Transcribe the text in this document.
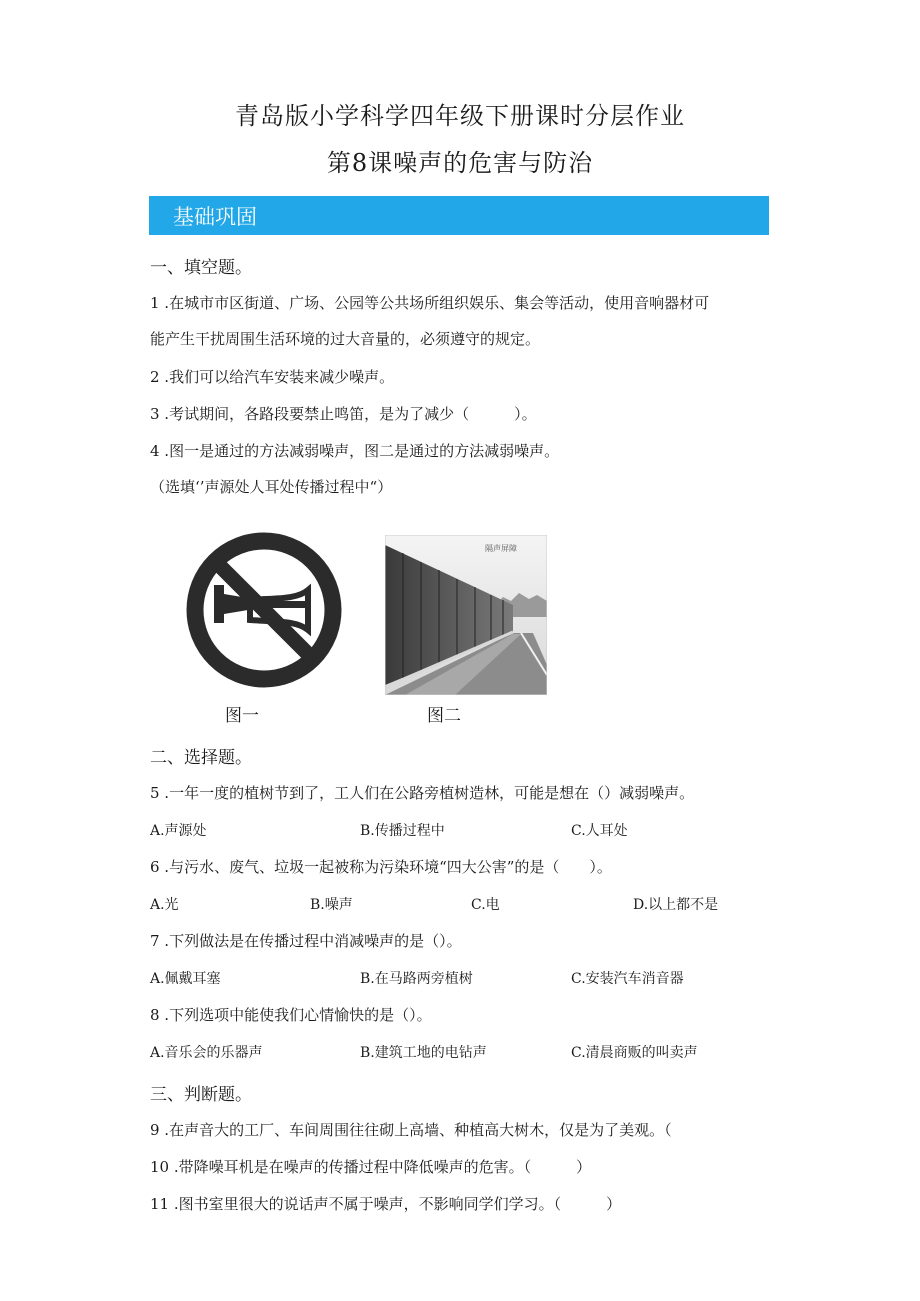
青岛版小学科学四年级下册课时分层作业
第8课噪声的危害与防治
基础巩固
一、填空题。
1 .在城市市区街道、广场、公园等公共场所组织娱乐、集会等活动，使用音响器材可
能产生干扰周围生活环境的过大音量的，必须遵守的规定。
2 .我们可以给汽车安装来减少噪声。
3 .考试期间，各路段要禁止鸣笛，是为了减少（　　　）。
4 .图一是通过的方法减弱噪声，图二是通过的方法减弱噪声。
（选填‘’声源处人耳处传播过程中“）
图一
隔声屏障
图二
二、选择题。
5 .一年一度的植树节到了，工人们在公路旁植树造林，可能是想在（）减弱噪声。
A.声源处	B.传播过程中	C.人耳处
6 .与污水、废气、垃圾一起被称为污染环境“四大公害”的是（　　）。
A.光	B.噪声	C.电	D.以上都不是
7 .下列做法是在传播过程中消减噪声的是（）。
A.佩戴耳塞	B.在马路两旁植树	C.安装汽车消音器
8 .下列选项中能使我们心情愉快的是（）。
A.音乐会的乐器声	B.建筑工地的电钻声	C.清晨商贩的叫卖声
三、判断题。
9 .在声音大的工厂、车间周围往往砌上高墙、种植高大树木，仅是为了美观。（
10 .带降噪耳机是在噪声的传播过程中降低噪声的危害。（　　　）
11 .图书室里很大的说话声不属于噪声，不影响同学们学习。（　　　）
